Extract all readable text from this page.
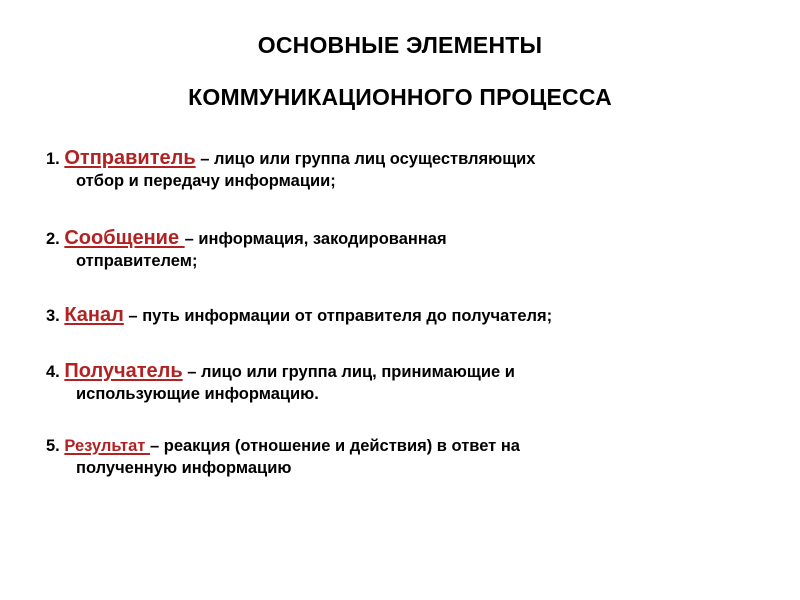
ОСНОВНЫЕ ЭЛЕМЕНТЫ
КОММУНИКАЦИОННОГО ПРОЦЕССА
1. Отправитель – лицо или группа лиц осуществляющих
отбор и передачу информации;
2. Сообщение – информация, закодированная
отправителем;
3. Канал – путь информации от отправителя до получателя;
4. Получатель – лицо или группа лиц, принимающие и
использующие информацию.
5. Результат – реакция (отношение и действия) в ответ на
полученную информацию
